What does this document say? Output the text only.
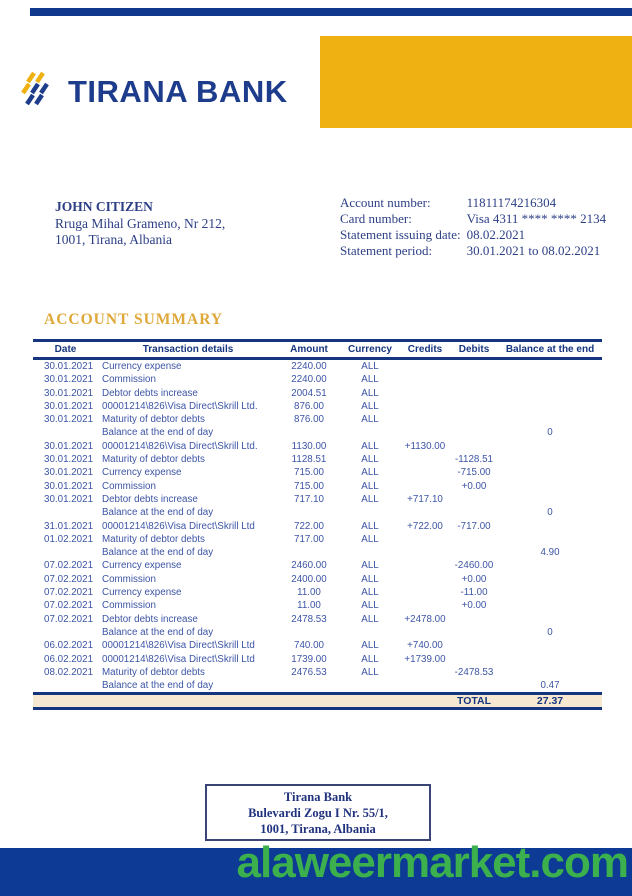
TIRANA BANK
JOHN CITIZEN
Rruga Mihal Grameno, Nr 212,
1001, Tirana, Albania
Account number:	11811174216304
Card number:	Visa 4311 **** **** 2134
Statement issuing date:	08.02.2021
Statement period:	30.01.2021 to 08.02.2021
ACCOUNT SUMMARY
Date	Transaction details	Amount	Currency	Credits	Debits	Balance at the end
30.01.2021	Currency expense	2240.00	ALL			
30.01.2021	Commission	2240.00	ALL			
30.01.2021	Debtor debts increase	2004.51	ALL			
30.01.2021	00001214\826\Visa Direct\Skrill Ltd.	876.00	ALL			
30.01.2021	Maturity of debtor debts	876.00	ALL			
	Balance at the end of day					0
30.01.2021	00001214\826\Visa Direct\Skrill Ltd.	1130.00	ALL	+1130.00		
30.01.2021	Maturity of debtor debts	1128.51	ALL		-1128.51	
30.01.2021	Currency expense	715.00	ALL		-715.00	
30.01.2021	Commission	715.00	ALL		+0.00	
30.01.2021	Debtor debts increase	717.10	ALL	+717.10		
	Balance at the end of day					0
31.01.2021	00001214\826\Visa Direct\Skrill Ltd	722.00	ALL	+722.00	-717.00	
01.02.2021	Maturity of debtor debts	717.00	ALL			
	Balance at the end of day					4.90
07.02.2021	Currency expense	2460.00	ALL		-2460.00	
07.02.2021	Commission	2400.00	ALL		+0.00	
07.02.2021	Currency expense	11.00	ALL		-11.00	
07.02.2021	Commission	11.00	ALL		+0.00	
07.02.2021	Debtor debts increase	2478.53	ALL	+2478.00		
	Balance at the end of day					0
06.02.2021	00001214\826\Visa Direct\Skrill Ltd	740.00	ALL	+740.00		
06.02.2021	00001214\826\Visa Direct\Skrill Ltd	1739.00	ALL	+1739.00		
08.02.2021	Maturity of debtor debts	2476.53	ALL		-2478.53	
	Balance at the end of day					0.47
					TOTAL	27.37
Tirana Bank
Bulevardi Zogu I Nr. 55/1,
1001, Tirana, Albania
alaweermarket.com
